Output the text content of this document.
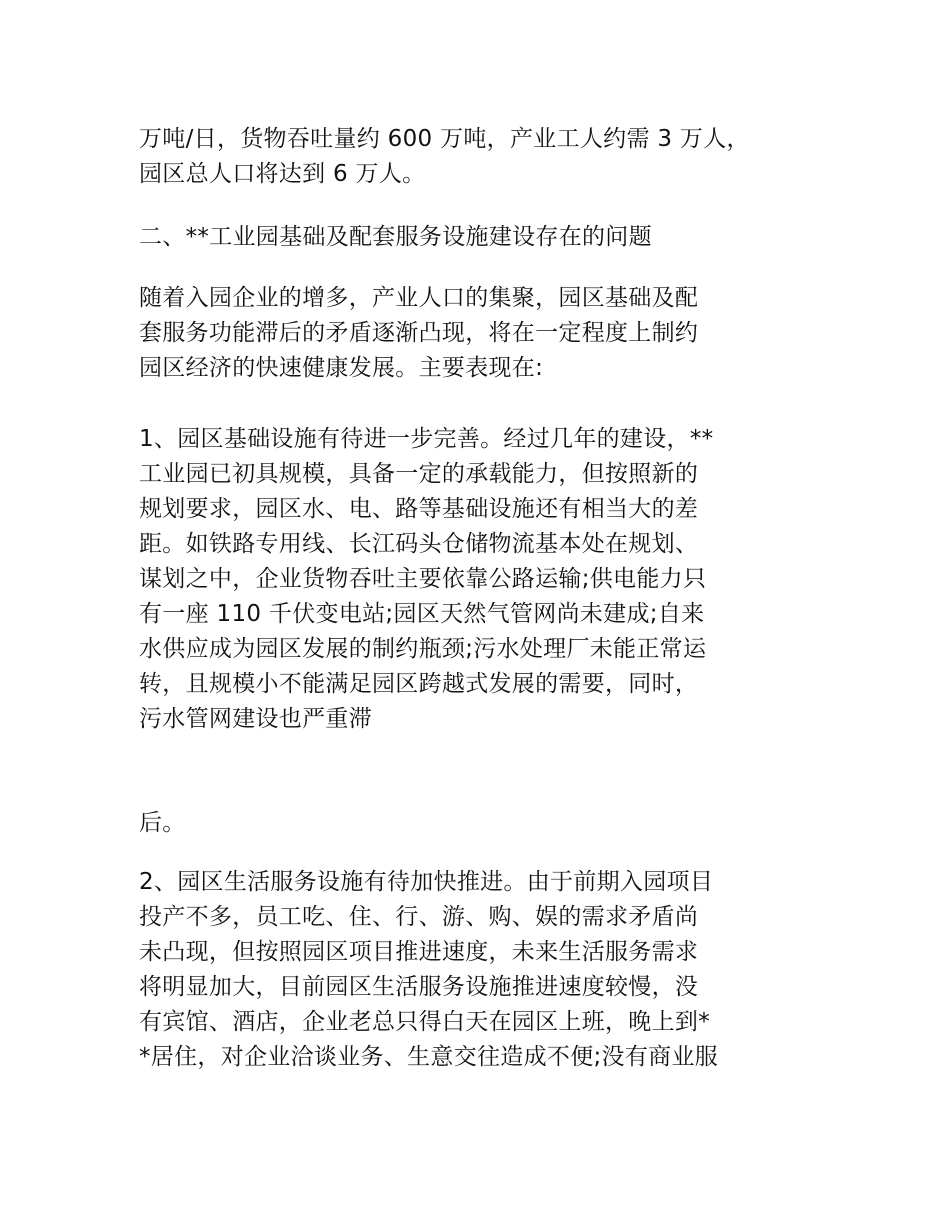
万吨/日，货物吞吐量约 600 万吨，产业工人约需 3 万人，
园区总人口将达到 6 万人。
二、**工业园基础及配套服务设施建设存在的问题
随着入园企业的增多，产业人口的集聚，园区基础及配
套服务功能滞后的矛盾逐渐凸现，将在一定程度上制约
园区经济的快速健康发展。主要表现在:
1、园区基础设施有待进一步完善。经过几年的建设，**
工业园已初具规模，具备一定的承载能力，但按照新的
规划要求，园区水、电、路等基础设施还有相当大的差
距。如铁路专用线、长江码头仓储物流基本处在规划、
谋划之中，企业货物吞吐主要依靠公路运输;供电能力只
有一座 110 千伏变电站;园区天然气管网尚未建成;自来
水供应成为园区发展的制约瓶颈;污水处理厂未能正常运
转，且规模小不能满足园区跨越式发展的需要，同时，
污水管网建设也严重滞
后。
2、园区生活服务设施有待加快推进。由于前期入园项目
投产不多，员工吃、住、行、游、购、娱的需求矛盾尚
未凸现，但按照园区项目推进速度，未来生活服务需求
将明显加大，目前园区生活服务设施推进速度较慢，没
有宾馆、酒店，企业老总只得白天在园区上班，晚上到*
*居住，对企业洽谈业务、生意交往造成不便;没有商业服
